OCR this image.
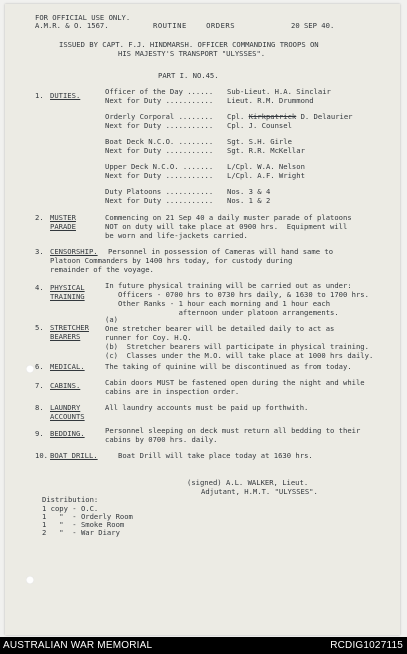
FOR OFFICIAL USE ONLY.
A.M.R. & O. 1567.	ROUTINE    ORDERS	20 SEP 40.
ISSUED BY CAPT. F.J. HINDMARSH. OFFICER COMMANDING TROOPS ON
HIS MAJESTY'S TRANSPORT "ULYSSES".
PART I. NO.45.
1. DUTIES.	Officer of the Day ...... Sub-Lieut. H.A. Sinclair
Next for Duty ........... Lieut. R.M. Drummond
Orderly Corporal ........ Cpl. Kirkpatrick D. Delaurier
Next for Duty ........... Cpl. J. Counsel
Boat Deck N.C.O. ........ Sgt. S.H. Girle
Next for Duty ........... Sgt. R.R. McKellar
Upper Deck N.C.O. ....... L/Cpl. W.A. Nelson
Next for Duty ........... L/Cpl. A.F. Wright
Duty Platoons ........... Nos. 3 & 4
Next for Duty ........... Nos. 1 & 2
2. MUSTER
PARADE
Commencing on 21 Sep 40 a daily muster parade of platoons
NOT on duty will take place at 0900 hrs.  Equipment will
be worn and life-jackets carried.
3. CENSORSHIP. Personnel in possession of Cameras will hand same to
Platoon Commanders by 1400 hrs today, for custody during
remainder of the voyage.
4. PHYSICAL
TRAINING
In future physical training will be carried out as under:
Officers - 0700 hrs to 0730 hrs daily, & 1630 to 1700 hrs.
Other Ranks - 1 hour each morning and 1 hour each
afternoon under platoon arrangements.
5. STRETCHER
BEARERS
(a)
One stretcher bearer will be detailed daily to act as
runner for Coy. H.Q.
(b)  Stretcher bearers will participate in physical training.
(c)  Classes under the M.O. will take place at 1000 hrs daily.
6. MEDICAL.	The taking of quinine will be discontinued as from today.
7. CABINS.	Cabin doors MUST be fastened open during the night and while
cabins are in inspection order.
8. LAUNDRY
ACCOUNTS
All laundry accounts must be paid up forthwith.
9. BEDDING.	Personnel sleeping on deck must return all bedding to their
cabins by 0700 hrs. daily.
10. BOAT DRILL.	Boat Drill will take place today at 1630 hrs.
(signed) A.L. WALKER, Lieut.
Adjutant, H.M.T. "ULYSSES".
Distribution:
1 copy - O.C.
1   "  - Orderly Room
1   "  - Smoke Room
2   "  - War Diary
AUSTRALIAN WAR MEMORIAL	RCDIG1027115
